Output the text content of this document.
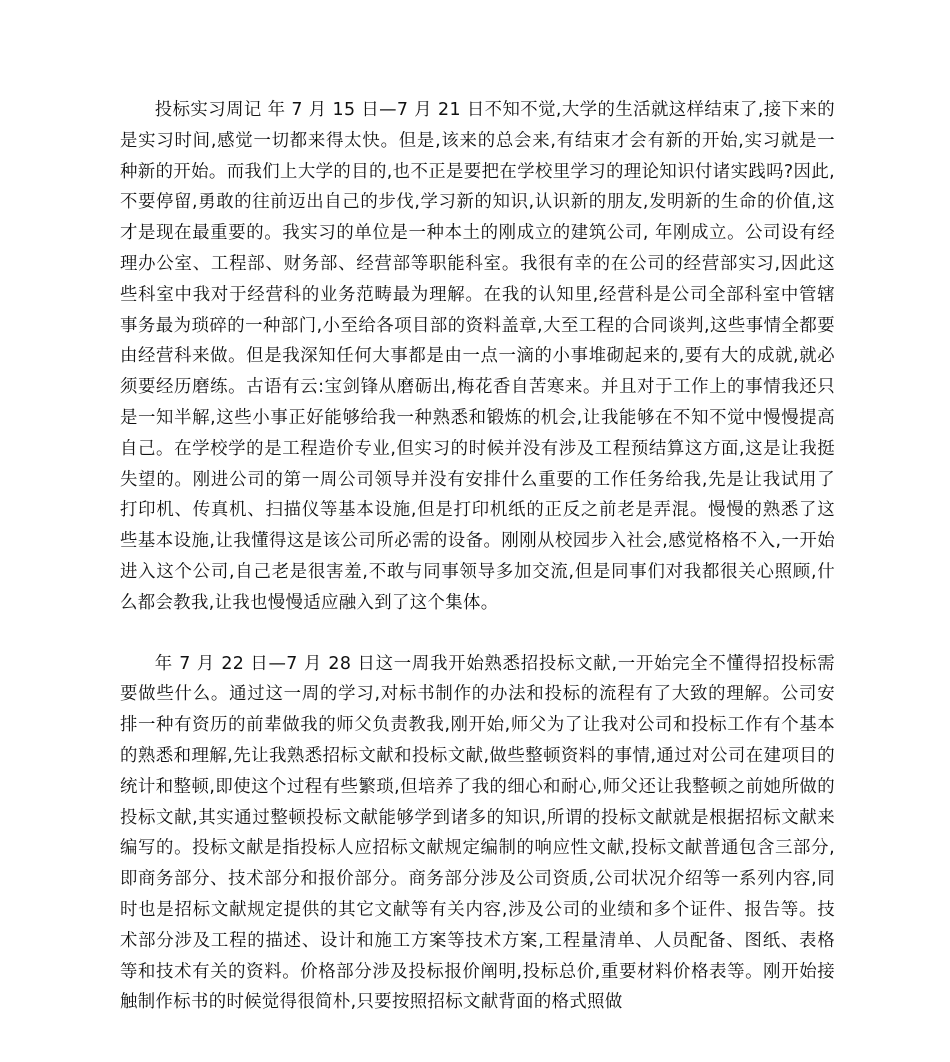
投标实习周记 年 7 月 15 日—7 月 21 日不知不觉,大学的生活就这样结束了,接下来的是实习时间,感觉一切都来得太快。但是,该来的总会来,有结束才会有新的开始,实习就是一种新的开始。而我们上大学的目的,也不正是要把在学校里学习的理论知识付诸实践吗?因此,不要停留,勇敢的往前迈出自己的步伐,学习新的知识,认识新的朋友,发明新的生命的价值,这才是现在最重要的。我实习的单位是一种本土的刚成立的建筑公司, 年刚成立。公司设有经理办公室、工程部、财务部、经营部等职能科室。我很有幸的在公司的经营部实习,因此这些科室中我对于经营科的业务范畴最为理解。在我的认知里,经营科是公司全部科室中管辖事务最为琐碎的一种部门,小至给各项目部的资料盖章,大至工程的合同谈判,这些事情全都要由经营科来做。但是我深知任何大事都是由一点一滴的小事堆砌起来的,要有大的成就,就必须要经历磨练。古语有云:宝剑锋从磨砺出,梅花香自苦寒来。并且对于工作上的事情我还只是一知半解,这些小事正好能够给我一种熟悉和锻炼的机会,让我能够在不知不觉中慢慢提高自己。在学校学的是工程造价专业,但实习的时候并没有涉及工程预结算这方面,这是让我挺失望的。刚进公司的第一周公司领导并没有安排什么重要的工作任务给我,先是让我试用了打印机、传真机、扫描仪等基本设施,但是打印机纸的正反之前老是弄混。慢慢的熟悉了这些基本设施,让我懂得这是该公司所必需的设备。刚刚从校园步入社会,感觉格格不入,一开始进入这个公司,自己老是很害羞,不敢与同事领导多加交流,但是同事们对我都很关心照顾,什么都会教我,让我也慢慢适应融入到了这个集体。

年 7 月 22 日—7 月 28 日这一周我开始熟悉招投标文献,一开始完全不懂得招投标需要做些什么。通过这一周的学习,对标书制作的办法和投标的流程有了大致的理解。公司安排一种有资历的前辈做我的师父负责教我,刚开始,师父为了让我对公司和投标工作有个基本的熟悉和理解,先让我熟悉招标文献和投标文献,做些整顿资料的事情,通过对公司在建项目的统计和整顿,即使这个过程有些繁琐,但培养了我的细心和耐心,师父还让我整顿之前她所做的投标文献,其实通过整顿投标文献能够学到诸多的知识,所谓的投标文献就是根据招标文献来编写的。投标文献是指投标人应招标文献规定编制的响应性文献,投标文献普通包含三部分,即商务部分、技术部分和报价部分。商务部分涉及公司资质,公司状况介绍等一系列内容,同时也是招标文献规定提供的其它文献等有关内容,涉及公司的业绩和多个证件、报告等。技术部分涉及工程的描述、设计和施工方案等技术方案,工程量清单、人员配备、图纸、表格等和技术有关的资料。价格部分涉及投标报价阐明,投标总价,重要材料价格表等。刚开始接触制作标书的时候觉得很简朴,只要按照招标文献背面的格式照做
